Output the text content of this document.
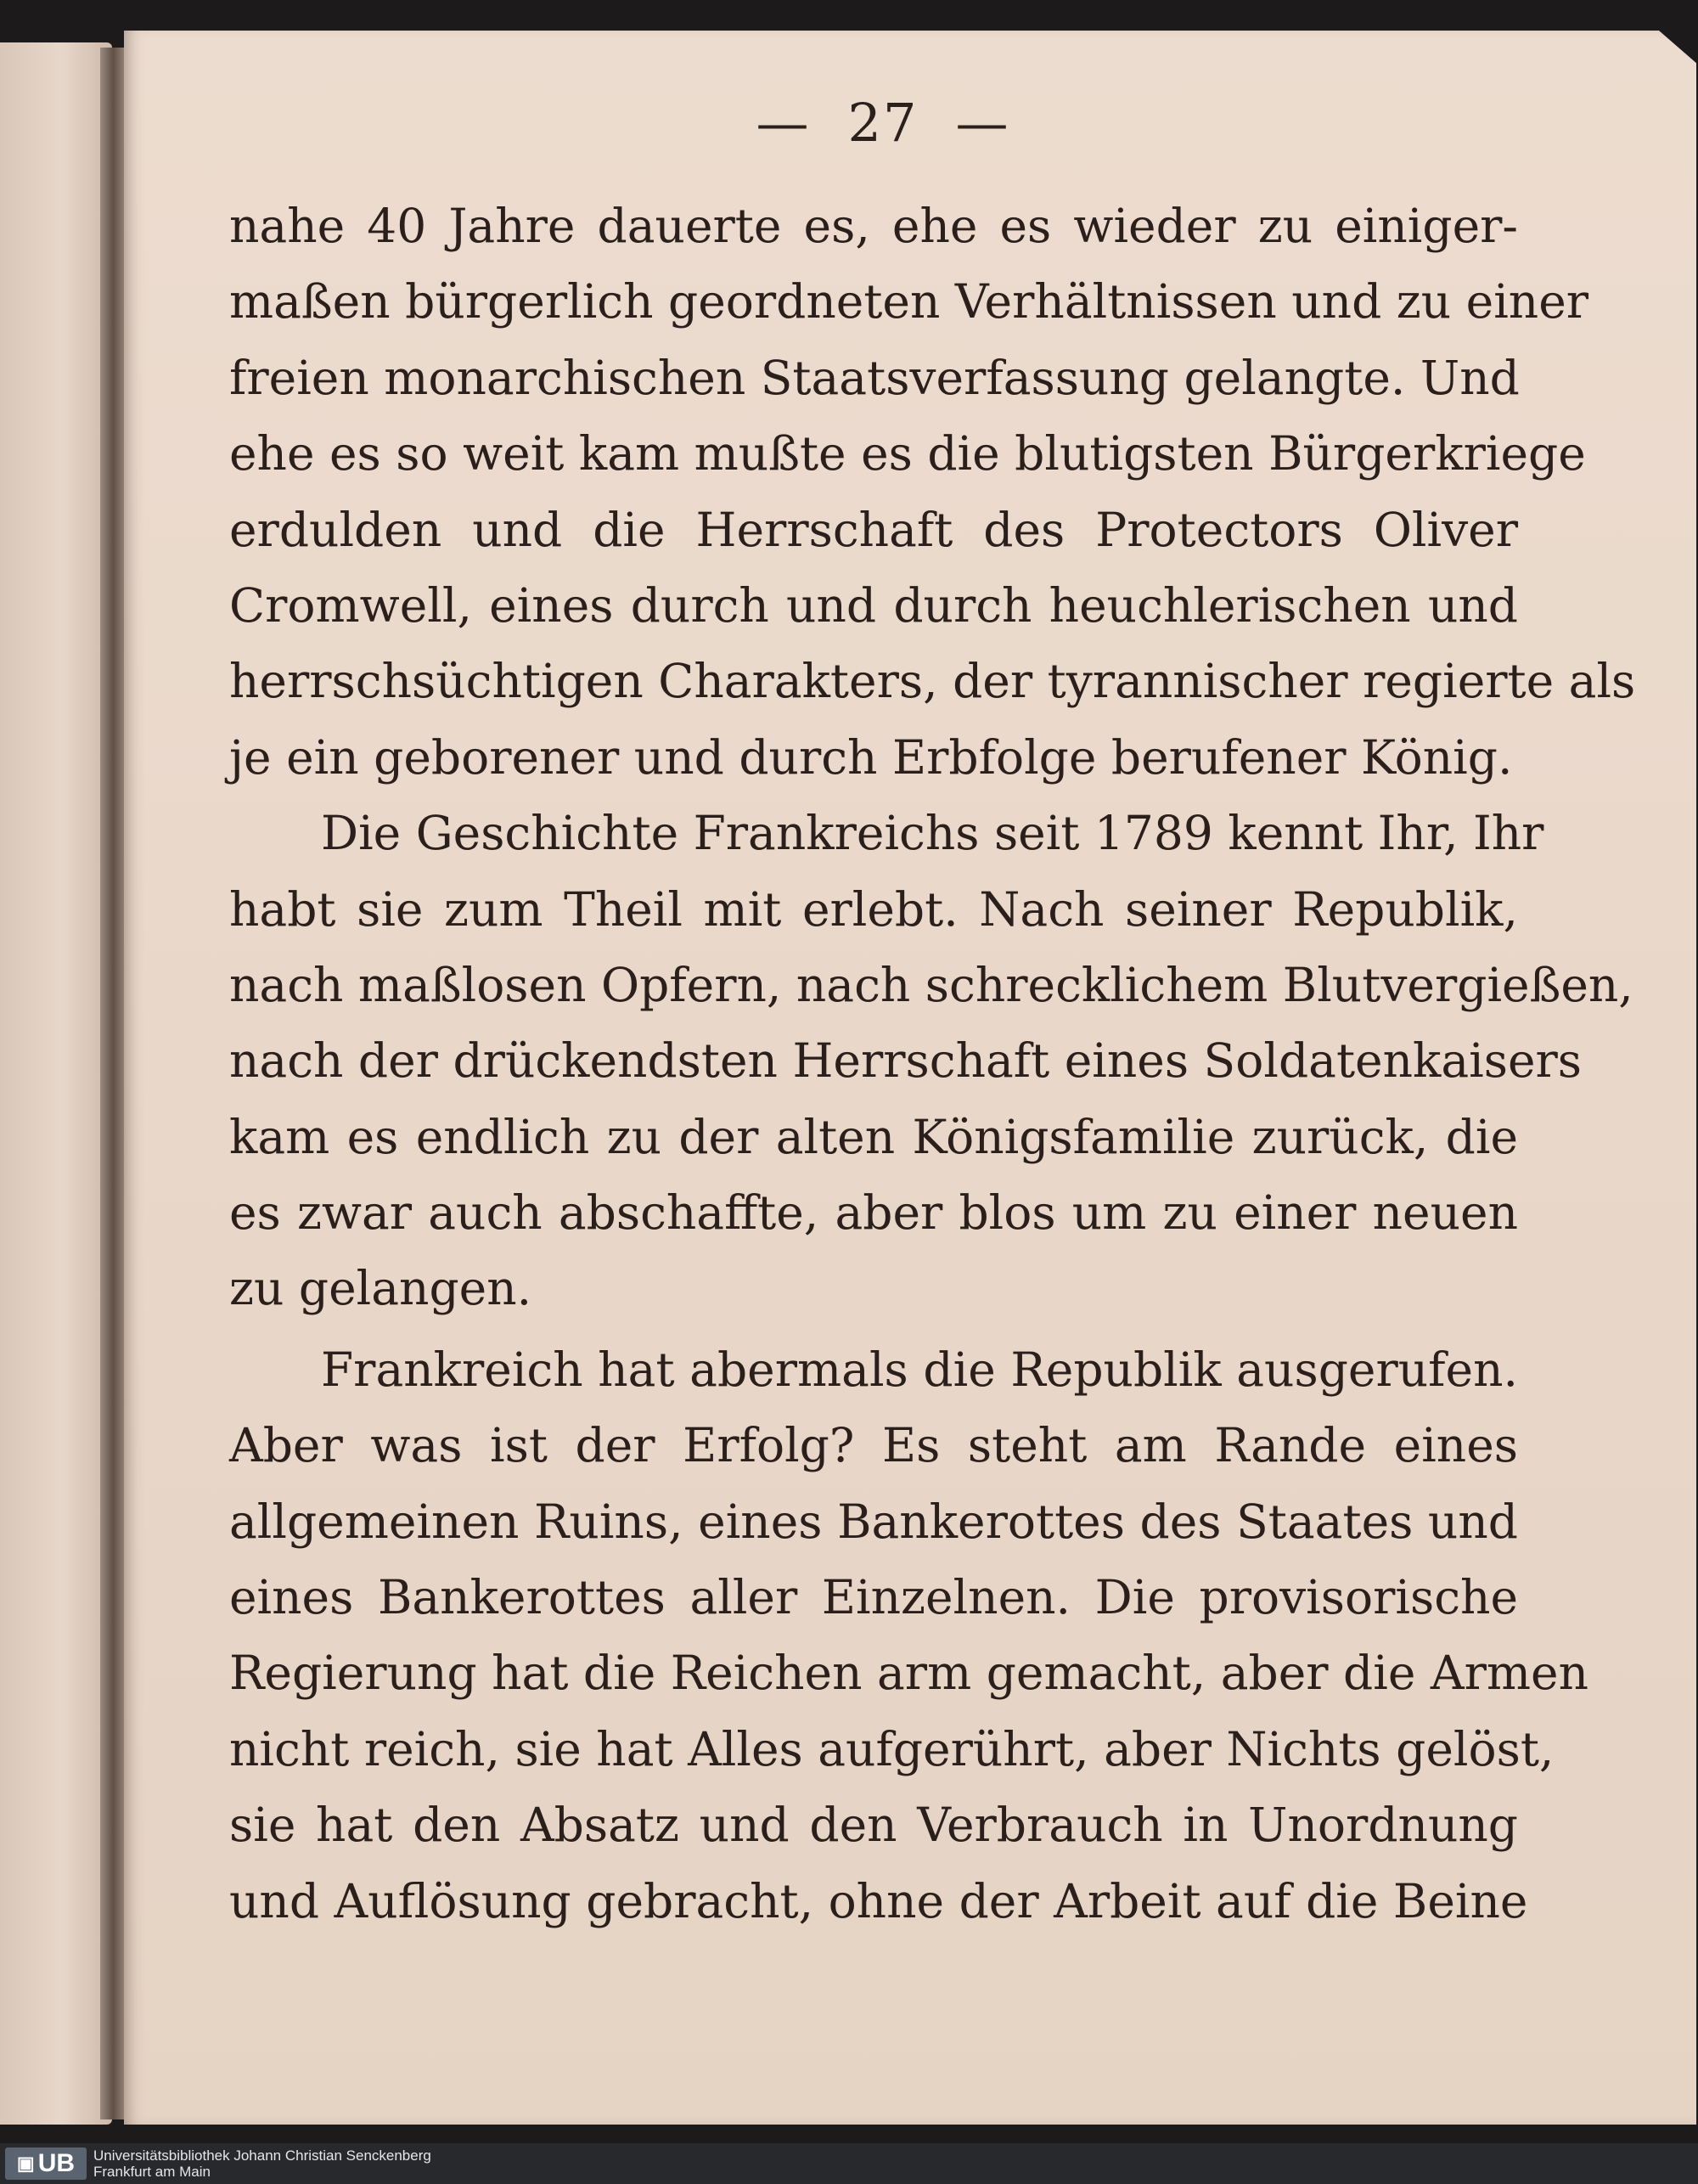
— 27 —
nahe 40 Jahre dauerte es, ehe es wieder zu einiger-
maßen bürgerlich geordneten Verhältnissen und zu einer
freien monarchischen Staatsverfassung gelangte. Und
ehe es so weit kam mußte es die blutigsten Bürgerkriege
erdulden und die Herrschaft des Protectors Oliver
Cromwell, eines durch und durch heuchlerischen und
herrschsüchtigen Charakters, der tyrannischer regierte als
je ein geborener und durch Erbfolge berufener König.
Die Geschichte Frankreichs seit 1789 kennt Ihr, Ihr
habt sie zum Theil mit erlebt. Nach seiner Republik,
nach maßlosen Opfern, nach schrecklichem Blutvergießen,
nach der drückendsten Herrschaft eines Soldatenkaisers
kam es endlich zu der alten Königsfamilie zurück, die
es zwar auch abschaffte, aber blos um zu einer neuen
zu gelangen.
Frankreich hat abermals die Republik ausgerufen.
Aber was ist der Erfolg? Es steht am Rande eines
allgemeinen Ruins, eines Bankerottes des Staates und
eines Bankerottes aller Einzelnen. Die provisorische
Regierung hat die Reichen arm gemacht, aber die Armen
nicht reich, sie hat Alles aufgerührt, aber Nichts gelöst,
sie hat den Absatz und den Verbrauch in Unordnung
und Auflösung gebracht, ohne der Arbeit auf die Beine
▣ UB	Universitätsbibliothek Johann Christian Senckenberg
Frankfurt am Main
